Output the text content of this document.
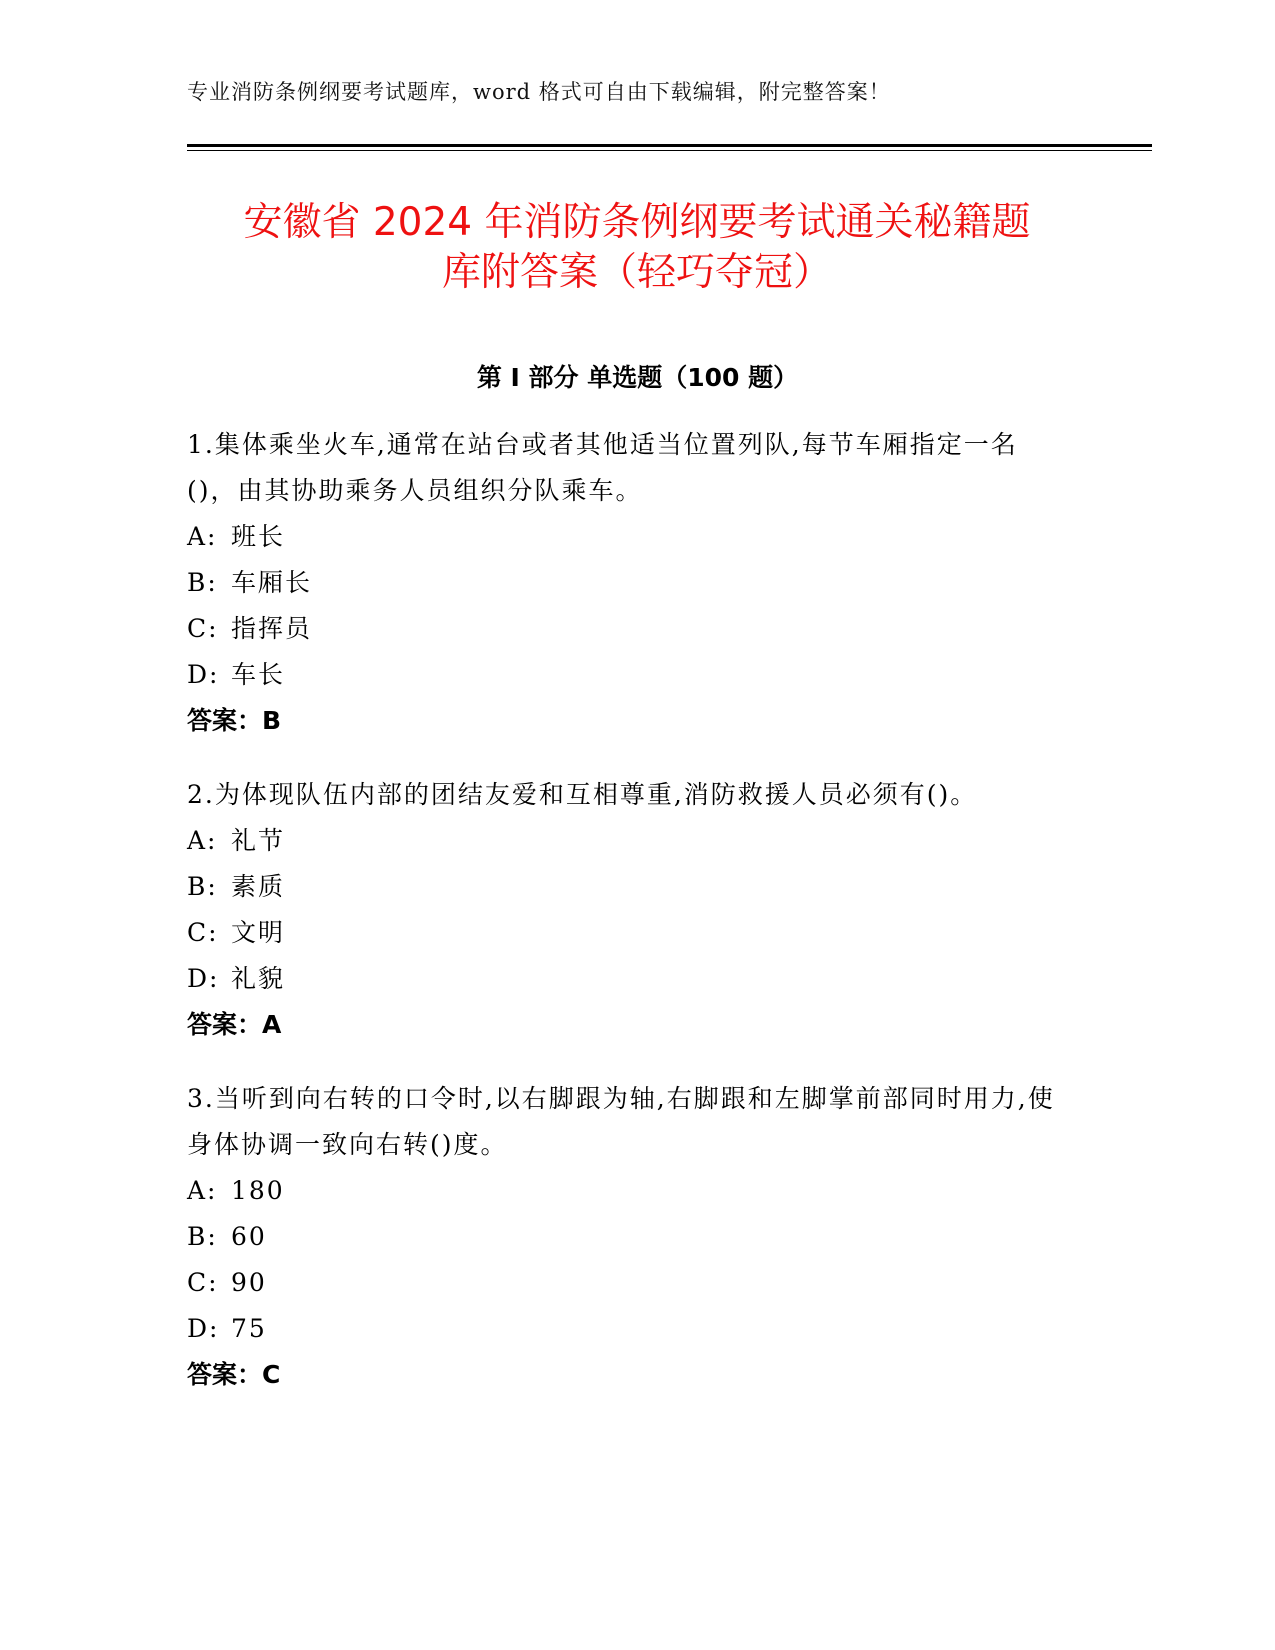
专业消防条例纲要考试题库，word 格式可自由下载编辑，附完整答案！
安徽省 2024 年消防条例纲要考试通关秘籍题
库附答案（轻巧夺冠）
第 I 部分 单选题（100 题）

1.集体乘坐火车,通常在站台或者其他适当位置列队,每节车厢指定一名()，由其协助乘务人员组织分队乘车。

A: 班长

B: 车厢长

C: 指挥员

D: 车长

答案：B

2.为体现队伍内部的团结友爱和互相尊重,消防救援人员必须有()。

A: 礼节

B: 素质

C: 文明

D: 礼貌

答案：A

3.当听到向右转的口令时,以右脚跟为轴,右脚跟和左脚掌前部同时用力,使身体协调一致向右转()度。

A: 180

B: 60

C: 90

D: 75

答案：C
